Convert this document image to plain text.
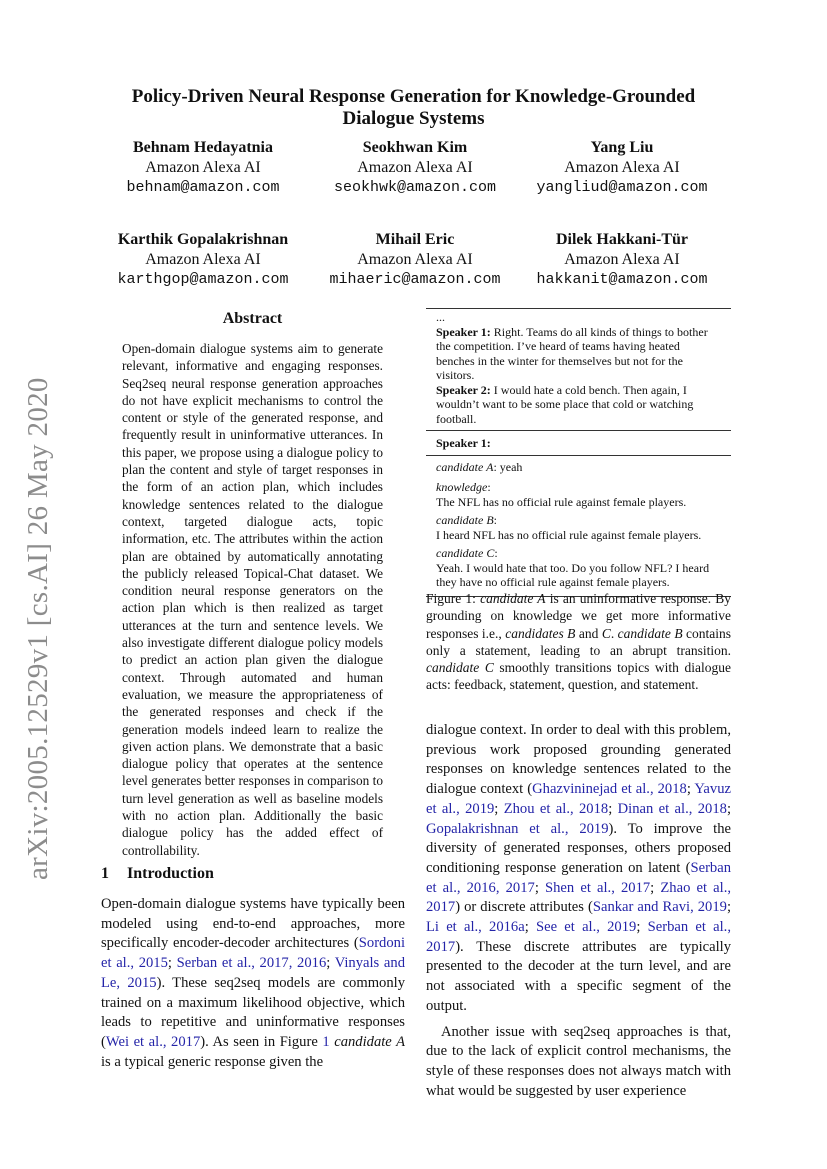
Policy-Driven Neural Response Generation for Knowledge-Grounded
Dialogue Systems
Behnam Hedayatnia
Amazon Alexa AI
behnam@amazon.com
Seokhwan Kim
Amazon Alexa AI
seokhwk@amazon.com
Yang Liu
Amazon Alexa AI
yangliud@amazon.com
Karthik Gopalakrishnan
Amazon Alexa AI
karthgop@amazon.com
Mihail Eric
Amazon Alexa AI
mihaeric@amazon.com
Dilek Hakkani-Tür
Amazon Alexa AI
hakkanit@amazon.com
arXiv:2005.12529v1 [cs.AI] 26 May 2020
Abstract
Open-domain dialogue systems aim to generate relevant, informative and engaging responses. Seq2seq neural response generation approaches do not have explicit mechanisms to control the content or style of the generated response, and frequently result in uninformative utterances. In this paper, we propose using a dialogue policy to plan the content and style of target responses in the form of an action plan, which includes knowledge sentences related to the dialogue context, targeted dialogue acts, topic information, etc. The attributes within the action plan are obtained by automatically annotating the publicly released Topical-Chat dataset. We condition neural response generators on the action plan which is then realized as target utterances at the turn and sentence levels. We also investigate different dialogue policy models to predict an action plan given the dialogue context. Through automated and human evaluation, we measure the appropriateness of the generated responses and check if the generation models indeed learn to realize the given action plans. We demonstrate that a basic dialogue policy that operates at the sentence level generates better responses in comparison to turn level generation as well as baseline models with no action plan. Additionally the basic dialogue policy has the added effect of controllability.
1 Introduction
Open-domain dialogue systems have typically been modeled using end-to-end approaches, more specifically encoder-decoder architectures (Sordoni et al., 2015; Serban et al., 2017, 2016; Vinyals and Le, 2015). These seq2seq models are commonly trained on a maximum likelihood objective, which leads to repetitive and uninformative responses (Wei et al., 2017). As seen in Figure 1 candidate A is a typical generic response given the
...
Speaker 1: Right. Teams do all kinds of things to bother the competition. I’ve heard of teams having heated benches in the winter for themselves but not for the visitors.
Speaker 2: I would hate a cold bench. Then again, I wouldn’t want to be some place that cold or watching football.
Speaker 1:
candidate A: yeah
knowledge:
The NFL has no official rule against female players.
candidate B:
I heard NFL has no official rule against female players.
candidate C:
Yeah. I would hate that too. Do you follow NFL? I heard they have no official rule against female players.
Figure 1: candidate A is an uninformative response. By grounding on knowledge we get more informative responses i.e., candidates B and C. candidate B contains only a statement, leading to an abrupt transition. candidate C smoothly transitions topics with dialogue acts: feedback, statement, question, and statement.

dialogue context. In order to deal with this problem, previous work proposed grounding generated responses on knowledge sentences related to the dialogue context (Ghazvininejad et al., 2018; Yavuz et al., 2019; Zhou et al., 2018; Dinan et al., 2018; Gopalakrishnan et al., 2019). To improve the diversity of generated responses, others proposed conditioning response generation on latent (Serban et al., 2016, 2017; Shen et al., 2017; Zhao et al., 2017) or discrete attributes (Sankar and Ravi, 2019; Li et al., 2016a; See et al., 2019; Serban et al., 2017). These discrete attributes are typically presented to the decoder at the turn level, and are not associated with a specific segment of the output.

Another issue with seq2seq approaches is that, due to the lack of explicit control mechanisms, the style of these responses does not always match with what would be suggested by user experience
